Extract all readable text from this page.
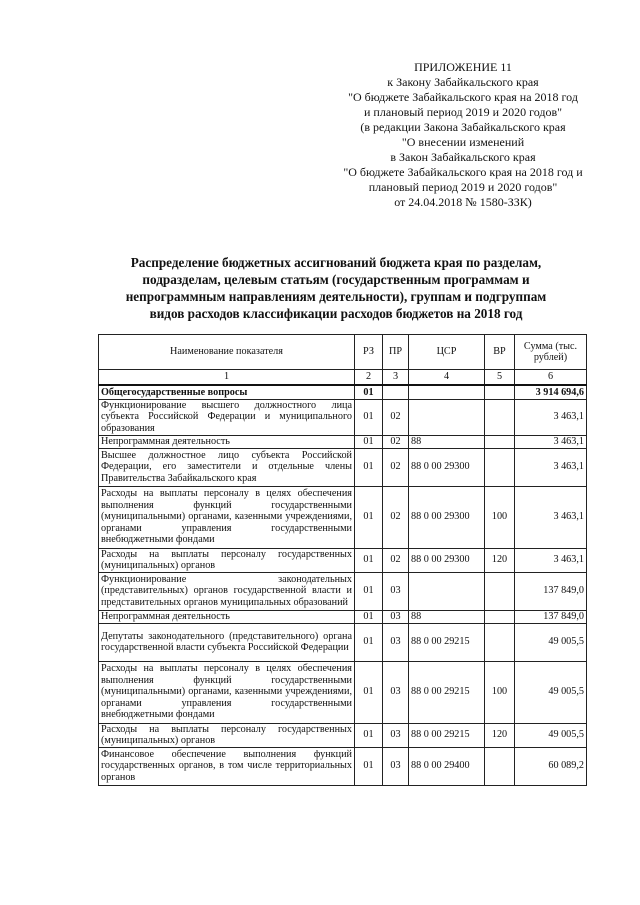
ПРИЛОЖЕНИЕ 11
к Закону Забайкальского края
"О бюджете Забайкальского края на 2018 год
и плановый период 2019 и 2020 годов"
(в редакции Закона Забайкальского края
"О внесении изменений
в Закон Забайкальского края
"О бюджете Забайкальского края на 2018 год и
плановый период 2019 и 2020 годов"
от 24.04.2018 № 1580-ЗЗК)
Распределение бюджетных ассигнований бюджета края по разделам,
подразделам, целевым статьям (государственным программам и
непрограммным направлениям деятельности), группам и подгруппам
видов расходов классификации расходов бюджетов на 2018 год
Наименование показателя	РЗ	ПР	ЦСР	ВР	Сумма (тыс. рублей)
1	2	3	4	5	6
Общегосударственные вопросы	01				3 914 694,6
Функционирование высшего должностного лица субъекта Российской Федерации и муниципального образования	01	02			3 463,1
Непрограммная деятельность	01	02	88		3 463,1
Высшее должностное лицо субъекта Российской Федерации, его заместители и отдельные члены Правительства Забайкальского края	01	02	88 0 00 29300		3 463,1
Расходы на выплаты персоналу в целях обеспечения выполнения функций государственными (муниципальными) органами, казенными учреждениями, органами управления государственными внебюджетными фондами	01	02	88 0 00 29300	100	3 463,1
Расходы на выплаты персоналу государственных (муниципальных) органов	01	02	88 0 00 29300	120	3 463,1
Функционирование законодательных (представительных) органов государственной власти и представительных органов муниципальных образований	01	03			137 849,0
Непрограммная деятельность	01	03	88		137 849,0
Депутаты законодательного (представительного) органа государственной власти субъекта Российской Федерации	01	03	88 0 00 29215		49 005,5
Расходы на выплаты персоналу в целях обеспечения выполнения функций государственными (муниципальными) органами, казенными учреждениями, органами управления государственными внебюджетными фондами	01	03	88 0 00 29215	100	49 005,5
Расходы на выплаты персоналу государственных (муниципальных) органов	01	03	88 0 00 29215	120	49 005,5
Финансовое обеспечение выполнения функций государственных органов, в том числе территориальных органов	01	03	88 0 00 29400		60 089,2
